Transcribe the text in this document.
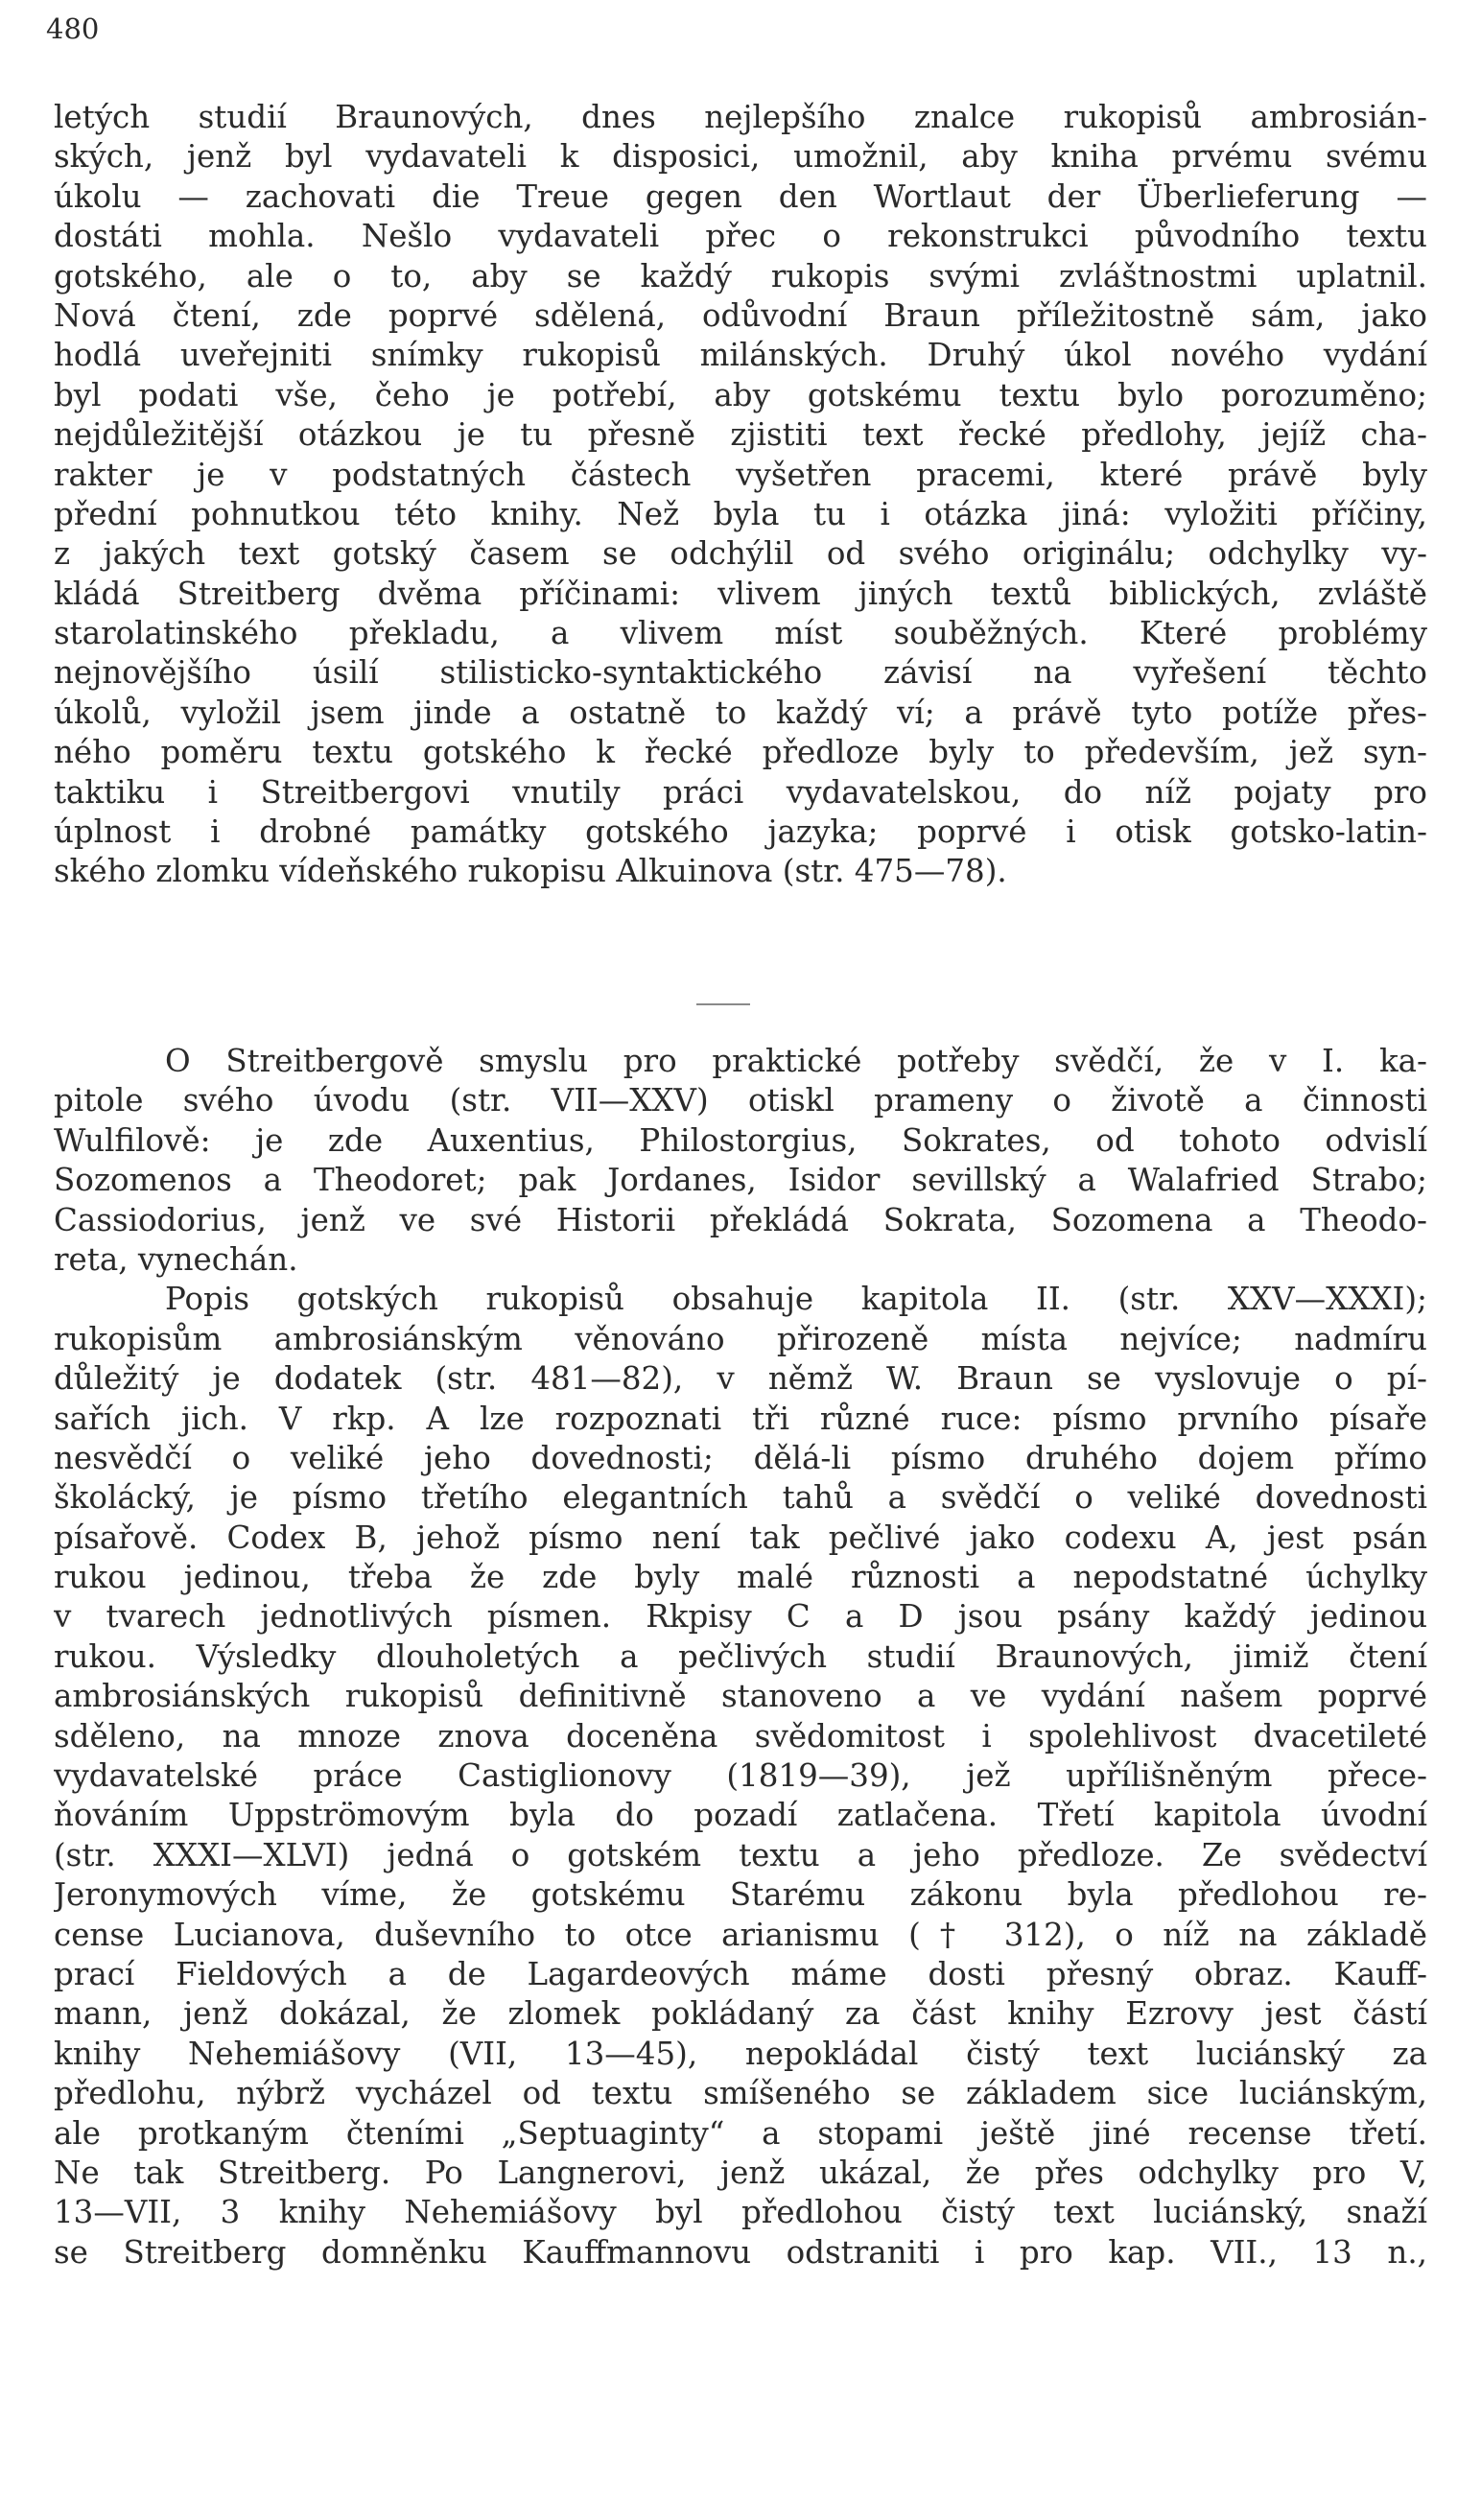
480
letých studií Braunových, dnes nejlepšího znalce rukopisů ambrosián-
ských, jenž byl vydavateli k disposici, umožnil, aby kniha prvému svému
úkolu — zachovati die Treue gegen den Wortlaut der Überlieferung —
dostáti mohla. Nešlo vydavateli přec o rekonstrukci původního textu
gotského, ale o to, aby se každý rukopis svými zvláštnostmi uplatnil.
Nová čtení, zde poprvé sdělená, odůvodní Braun příležitostně sám, jako
hodlá uveřejniti snímky rukopisů milánských. Druhý úkol nového vydání
byl podati vše, čeho je potřebí, aby gotskému textu bylo porozuměno;
nejdůležitější otázkou je tu přesně zjistiti text řecké předlohy, jejíž cha-
rakter je v podstatných částech vyšetřen pracemi, které právě byly
přední pohnutkou této knihy. Než byla tu i otázka jiná: vyložiti příčiny,
z jakých text gotský časem se odchýlil od svého originálu; odchylky vy-
kládá Streitberg dvěma příčinami: vlivem jiných textů biblických, zvláště
starolatinského překladu, a vlivem míst souběžných. Které problémy
nejnovějšího úsilí stilisticko-syntaktického závisí na vyřešení těchto
úkolů, vyložil jsem jinde a ostatně to každý ví; a právě tyto potíže přes-
ného poměru textu gotského k řecké předloze byly to především, jež syn-
taktiku i Streitbergovi vnutily práci vydavatelskou, do níž pojaty pro
úplnost i drobné památky gotského jazyka; poprvé i otisk gotsko-latin-
ského zlomku vídeňského rukopisu Alkuinova (str. 475—78).
O Streitbergově smyslu pro praktické potřeby svědčí, že v I. ka-
pitole svého úvodu (str. VII—XXV) otiskl prameny o životě a činnosti
Wulfilově: je zde Auxentius, Philostorgius, Sokrates, od tohoto odvislí
Sozomenos a Theodoret; pak Jordanes, Isidor sevillský a Walafried Strabo;
Cassiodorius, jenž ve své Historii překládá Sokrata, Sozomena a Theodo-
reta, vynechán.
Popis gotských rukopisů obsahuje kapitola II. (str. XXV—XXXI);
rukopisům ambrosiánským věnováno přirozeně místa nejvíce; nadmíru
důležitý je dodatek (str. 481—82), v němž W. Braun se vyslovuje o pí-
sařích jich. V rkp. A lze rozpoznati tři různé ruce: písmo prvního písaře
nesvědčí o veliké jeho dovednosti; dělá-li písmo druhého dojem přímo
školácký, je písmo třetího elegantních tahů a svědčí o veliké dovednosti
písařově. Codex B, jehož písmo není tak pečlivé jako codexu A, jest psán
rukou jedinou, třeba že zde byly malé různosti a nepodstatné úchylky
v tvarech jednotlivých písmen. Rkpisy C a D jsou psány každý jedinou
rukou. Výsledky dlouholetých a pečlivých studií Braunových, jimiž čtení
ambrosiánských rukopisů definitivně stanoveno a ve vydání našem poprvé
sděleno, na mnoze znova doceněna svědomitost i spolehlivost dvacetileté
vydavatelské práce Castiglionovy (1819—39), jež upřílišněným přece-
ňováním Uppströmovým byla do pozadí zatlačena. Třetí kapitola úvodní
(str. XXXI—XLVI) jedná o gotském textu a jeho předloze. Ze svědectví
Jeronymových víme, že gotskému Starému zákonu byla předlohou re-
cense Lucianova, duševního to otce arianismu († 312), o níž na základě
prací Fieldových a de Lagardeových máme dosti přesný obraz. Kauff-
mann, jenž dokázal, že zlomek pokládaný za část knihy Ezrovy jest částí
knihy Nehemiášovy (VII, 13—45), nepokládal čistý text luciánský za
předlohu, nýbrž vycházel od textu smíšeného se základem sice luciánským,
ale protkaným čteními „Septuaginty“ a stopami ještě jiné recense třetí.
Ne tak Streitberg. Po Langnerovi, jenž ukázal, že přes odchylky pro V,
13—VII, 3 knihy Nehemiášovy byl předlohou čistý text luciánský, snaží
se Streitberg domněnku Kauffmannovu odstraniti i pro kap. VII., 13 n.,
